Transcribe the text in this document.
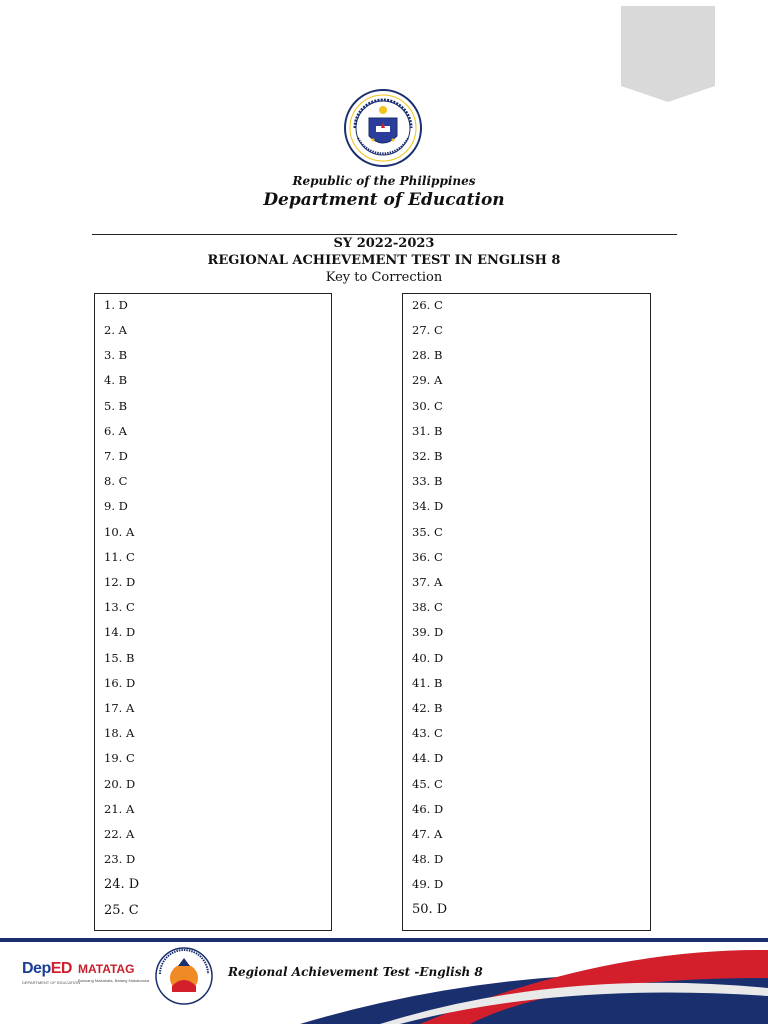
Republic of the Philippines
Department of Education
SY 2022-2023
REGIONAL ACHIEVEMENT TEST IN ENGLISH 8
Key to Correction
1. D
2. A
3. B
4. B
5. B
6. A
7. D
8. C
9. D
10. A
11. C
12. D
13. C
14. D
15. B
16. D
17. A
18. A
19. C
20. D
21. A
22. A
23. D
24. D
25. C
26. C
27. C
28. B
29. A
30. C
31. B
32. B
33. B
34. D
35. C
36. C
37. A
38. C
39. D
40. D
41. B
42. B
43. C
44. D
45. C
46. D
47. A
48. D
49. D
50. D
DepED
DEPARTMENT OF EDUCATION
MATATAG
Bansang Makabata, Batang Makabansa
Regional Achievement Test -English 8
